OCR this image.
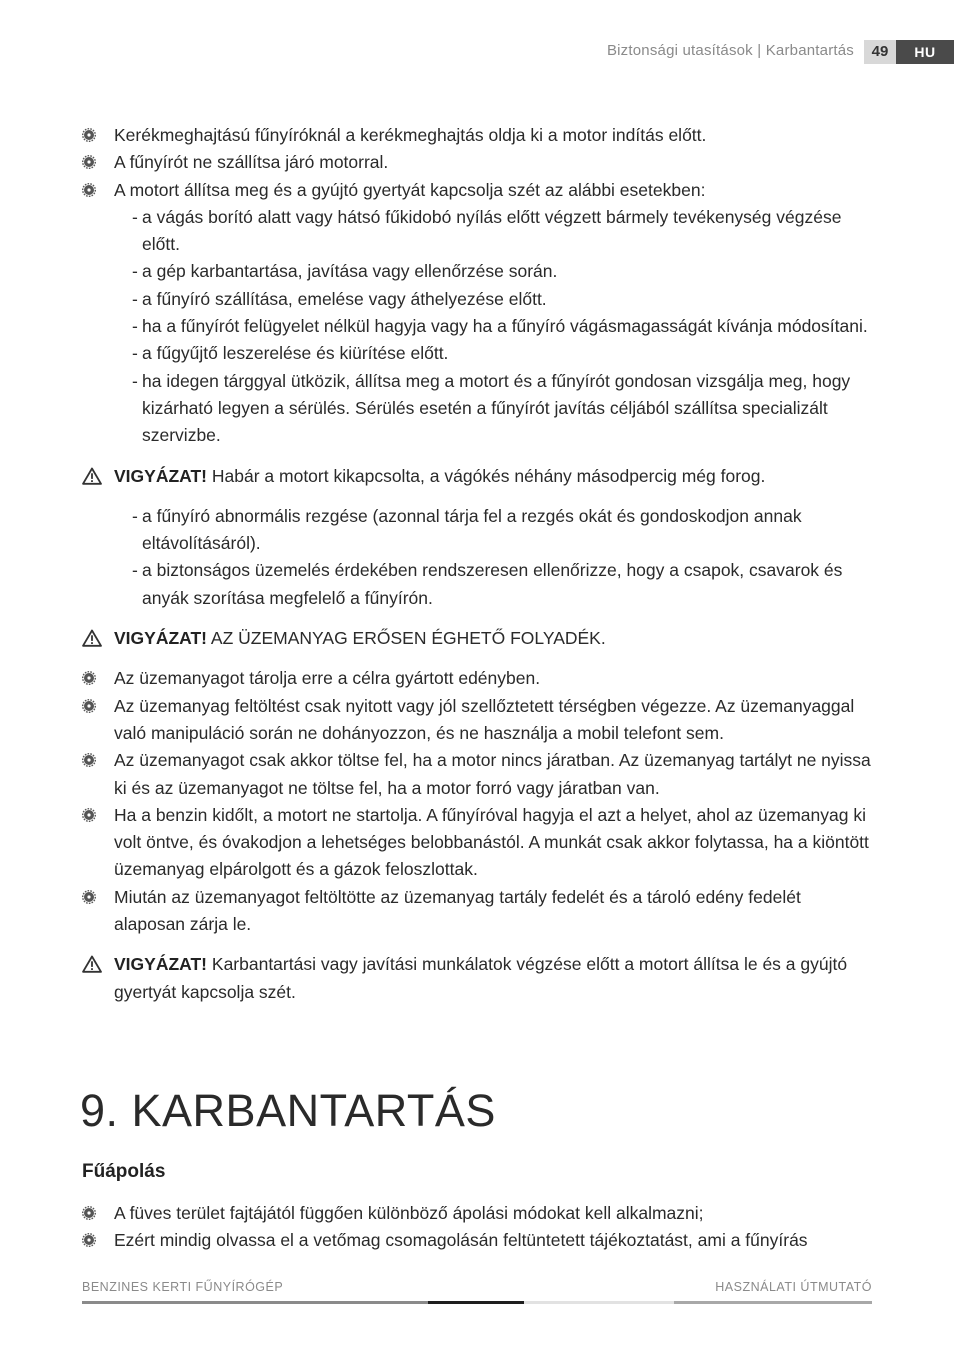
Biztonsági utasítások | Karbantartás	49	HU
Kerékmeghajtású fűnyíróknál a kerékmeghajtás oldja ki a motor indítás előtt.
A fűnyírót ne szállítsa járó motorral.
A motort állítsa meg és a gyújtó gyertyát kapcsolja szét az alábbi esetekben:
- a vágás borító alatt vagy hátsó fűkidobó nyílás előtt végzett bármely tevékenység végzése előtt.
- a gép karbantartása, javítása vagy ellenőrzése során.
- a fűnyíró szállítása, emelése vagy áthelyezése előtt.
- ha a fűnyírót felügyelet nélkül hagyja vagy ha a fűnyíró vágásmagasságát kívánja módosítani.
- a fűgyűjtő leszerelése és kiürítése előtt.
- ha idegen tárggyal ütközik, állítsa meg a motort és a fűnyírót gondosan vizsgálja meg, hogy kizárható legyen a sérülés. Sérülés esetén a fűnyírót javítás céljából szállítsa specializált szervizbe.
VIGYÁZAT! Habár a motort kikapcsolta, a vágókés néhány másodpercig még forog.
- a fűnyíró abnormális rezgése (azonnal tárja fel a rezgés okát és gondoskodjon annak eltávolításáról).
- a biztonságos üzemelés érdekében rendszeresen ellenőrizze, hogy a csapok, csavarok és anyák szorítása megfelelő a fűnyírón.
VIGYÁZAT! AZ ÜZEMANYAG ERŐSEN ÉGHETŐ FOLYADÉK.
Az üzemanyagot tárolja erre a célra gyártott edényben.
Az üzemanyag feltöltést csak nyitott vagy jól szellőztetett térségben végezze. Az üzemanyaggal való manipuláció során ne dohányozzon, és ne használja a mobil telefont sem.
Az üzemanyagot csak akkor töltse fel, ha a motor nincs járatban. Az üzemanyag tartályt ne nyissa ki és az üzemanyagot ne töltse fel, ha a motor forró vagy járatban van.
Ha a benzin kidőlt, a motort ne startolja. A fűnyíróval hagyja el azt a helyet, ahol az üzemanyag ki volt öntve, és óvakodjon a lehetséges belobbanástól. A munkát csak akkor folytassa, ha a kiöntött üzemanyag elpárolgott és a gázok feloszlottak.
Miután az üzemanyagot feltöltötte az üzemanyag tartály fedelét és a tároló edény fedelét alaposan zárja le.
VIGYÁZAT! Karbantartási vagy javítási munkálatok végzése előtt a motort állítsa le és a gyújtó gyertyát kapcsolja szét.
9. KARBANTARTÁS
Fűápolás
A füves terület fajtájától függően különböző ápolási módokat kell alkalmazni;
Ezért mindig olvassa el a vetőmag csomagolásán feltüntetett tájékoztatást, ami a fűnyírás
BENZINES KERTI FŰNYÍRÓGÉP	HASZNÁLATI ÚTMUTATÓ
